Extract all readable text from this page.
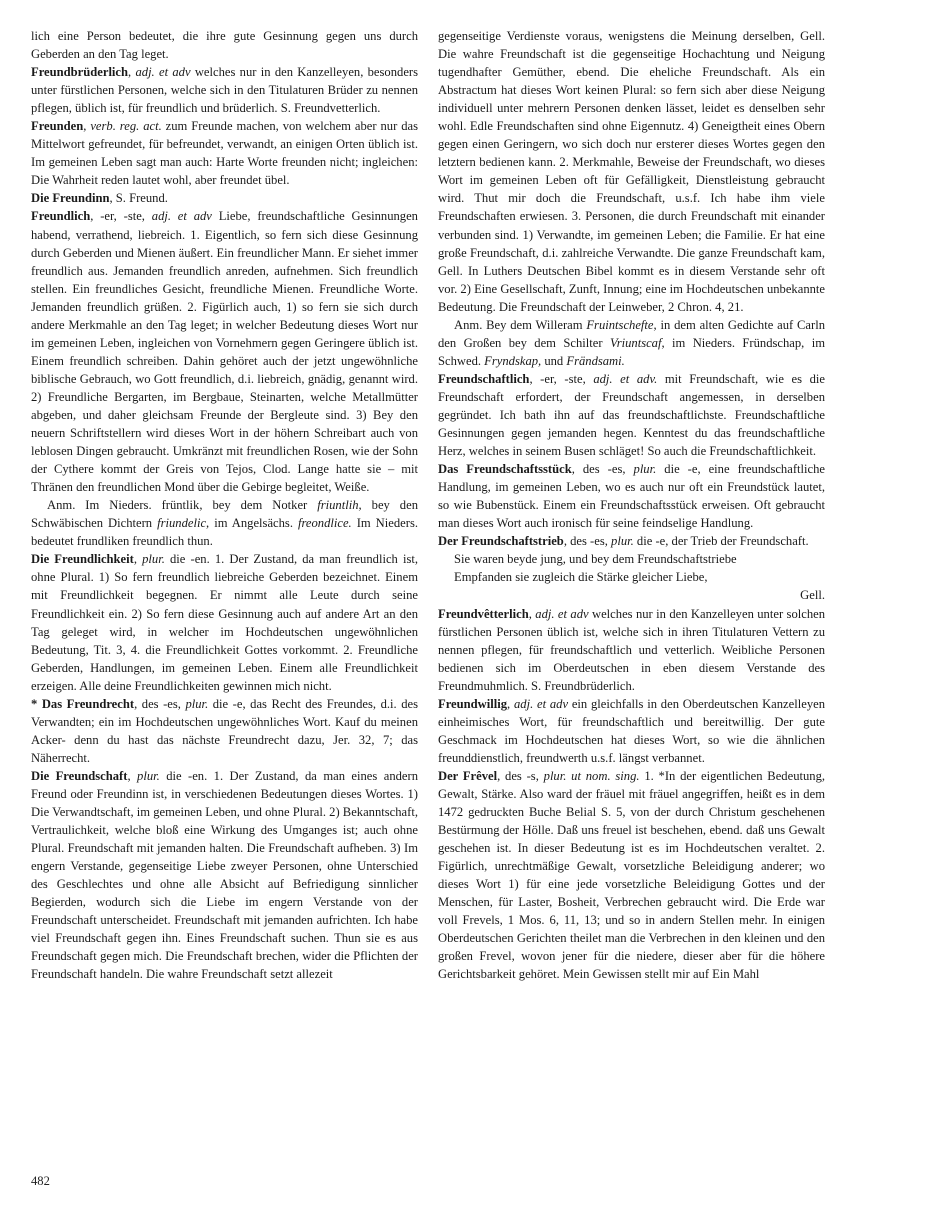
lich eine Person bedeutet, die ihre gute Gesinnung gegen uns durch Geberden an den Tag leget.

Freundbrüderlich, adj. et adv welches nur in den Kanzelleyen, besonders unter fürstlichen Personen, welche sich in den Titulaturen Brüder zu nennen pflegen, üblich ist, für freundlich und brüderlich. S. Freundvetterlich.

Freunden, verb. reg. act. zum Freunde machen, von welchem aber nur das Mittelwort gefreundet, für befreundet, verwandt, an einigen Orten üblich ist. Im gemeinen Leben sagt man auch: Harte Worte freunden nicht; ingleichen: Die Wahrheit reden lautet wohl, aber freundet übel.

Die Freundinn, S. Freund.

Freundlich, -er, -ste, adj. et adv Liebe, freundschaftliche Gesinnungen habend, verrathend, liebreich. 1. Eigentlich, so fern sich diese Gesinnung durch Geberden und Mienen äußert. Ein freundlicher Mann. Er siehet immer freundlich aus. Jemanden freundlich anreden, aufnehmen. Sich freundlich stellen. Ein freundliches Gesicht, freundliche Mienen. Freundliche Worte. Jemanden freundlich grüßen. 2. Figürlich auch, 1) so fern sie sich durch andere Merkmahle an den Tag leget; in welcher Bedeutung dieses Wort nur im gemeinen Leben, ingleichen von Vornehmern gegen Geringere üblich ist. Einem freundlich schreiben. Dahin gehöret auch der jetzt ungewöhnliche biblische Gebrauch, wo Gott freundlich, d.i. liebreich, gnädig, genannt wird. 2) Freundliche Bergarten, im Bergbaue, Steinarten, welche Metallmütter abgeben, und daher gleichsam Freunde der Bergleute sind. 3) Bey den neuern Schriftstellern wird dieses Wort in der höhern Schreibart auch von leblosen Dingen gebraucht. Umkränzt mit freundlichen Rosen, wie der Sohn der Cythere kommt der Greis von Tejos, Clod. Lange hatte sie – mit Thränen den freundlichen Mond über die Gebirge begleitet, Weiße.

Anm. Im Nieders. früntlik, bey dem Notker friuntlih, bey den Schwäbischen Dichtern friundelic, im Angelsächs. freondlice. Im Nieders. bedeutet frundliken freundlich thun.

Die Freundlichkeit, plur. die -en. 1. Der Zustand, da man freundlich ist, ohne Plural. 1) So fern freundlich liebreiche Geberden bezeichnet. Einem mit Freundlichkeit begegnen. Er nimmt alle Leute durch seine Freundlichkeit ein. 2) So fern diese Gesinnung auch auf andere Art an den Tag geleget wird, in welcher im Hochdeutschen ungewöhnlichen Bedeutung, Tit. 3, 4. die Freundlichkeit Gottes vorkommt. 2. Freundliche Geberden, Handlungen, im gemeinen Leben. Einem alle Freundlichkeit erzeigen. Alle deine Freundlichkeiten gewinnen mich nicht.

* Das Freundrecht, des -es, plur. die -e, das Recht des Freundes, d.i. des Verwandten; ein im Hochdeutschen ungewöhnliches Wort. Kauf du meinen Acker- denn du hast das nächste Freundrecht dazu, Jer. 32, 7; das Näherrecht.

Die Freundschaft, plur. die -en. 1. Der Zustand, da man eines andern Freund oder Freundinn ist, in verschiedenen Bedeutungen dieses Wortes. 1) Die Verwandtschaft, im gemeinen Leben, und ohne Plural. 2) Bekanntschaft, Vertraulichkeit, welche bloß eine Wirkung des Umganges ist; auch ohne Plural. Freundschaft mit jemanden halten. Die Freundschaft aufheben. 3) Im engern Verstande, gegenseitige Liebe zweyer Personen, ohne Unterschied des Geschlechtes und ohne alle Absicht auf Befriedigung sinnlicher Begierden, wodurch sich die Liebe im engern Verstande von der Freundschaft unterscheidet. Freundschaft mit jemanden aufrichten. Ich habe viel Freundschaft gegen ihn. Eines Freundschaft suchen. Thun sie es aus Freundschaft gegen mich. Die Freundschaft brechen, wider die Pflichten der Freundschaft handeln. Die wahre Freundschaft setzt allezeit

gegenseitige Verdienste voraus, wenigstens die Meinung derselben, Gell. Die wahre Freundschaft ist die gegenseitige Hochachtung und Neigung tugendhafter Gemüther, ebend. Die eheliche Freundschaft. Als ein Abstractum hat dieses Wort keinen Plural: so fern sich aber diese Neigung individuell unter mehrern Personen denken lässet, leidet es denselben sehr wohl. Edle Freundschaften sind ohne Eigennutz. 4) Geneigtheit eines Obern gegen einen Geringern, wo sich doch nur ersterer dieses Wortes gegen den letztern bedienen kann. 2. Merkmahle, Beweise der Freundschaft, wo dieses Wort im gemeinen Leben oft für Gefälligkeit, Dienstleistung gebraucht wird. Thut mir doch die Freundschaft, u.s.f. Ich habe ihm viele Freundschaften erwiesen. 3. Personen, die durch Freundschaft mit einander verbunden sind. 1) Verwandte, im gemeinen Leben; die Familie. Er hat eine große Freundschaft, d.i. zahlreiche Verwandte. Die ganze Freundschaft kam, Gell. In Luthers Deutschen Bibel kommt es in diesem Verstande sehr oft vor. 2) Eine Gesellschaft, Zunft, Innung; eine im Hochdeutschen unbekannte Bedeutung. Die Freundschaft der Leinweber, 2 Chron. 4, 21.

Anm. Bey dem Willeram Fruintschefte, in dem alten Gedichte auf Carln den Großen bey dem Schilter Vriuntscaf, im Nieders. Fründschap, im Schwed. Fryndskap, und Frändsami.

Freundschaftlich, -er, -ste, adj. et adv. mit Freundschaft, wie es die Freundschaft erfordert, der Freundschaft angemessen, in derselben gegründet. Ich bath ihn auf das freundschaftlichste. Freundschaftliche Gesinnungen gegen jemanden hegen. Kenntest du das freundschaftliche Herz, welches in seinem Busen schläget! So auch die Freundschaftlichkeit.

Das Freundschaftsstück, des -es, plur. die -e, eine freundschaftliche Handlung, im gemeinen Leben, wo es auch nur oft ein Freundstück lautet, so wie Bubenstück. Einem ein Freundschaftsstück erweisen. Oft gebraucht man dieses Wort auch ironisch für seine feindselige Handlung.

Der Freundschaftstrieb, des -es, plur. die -e, der Trieb der Freundschaft.

Sie waren beyde jung, und bey dem Freundschaftstriebe

Empfanden sie zugleich die Stärke gleicher Liebe,

Gell.

Freundvêtterlich, adj. et adv welches nur in den Kanzelleyen unter solchen fürstlichen Personen üblich ist, welche sich in ihren Titulaturen Vettern zu nennen pflegen, für freundschaftlich und vetterlich. Weibliche Personen bedienen sich im Oberdeutschen in eben diesem Verstande des Freundmuhmlich. S. Freundbrüderlich.

Freundwillig, adj. et adv ein gleichfalls in den Oberdeutschen Kanzelleyen einheimisches Wort, für freundschaftlich und bereitwillig. Der gute Geschmack im Hochdeutschen hat dieses Wort, so wie die ähnlichen freunddienstlich, freundwerth u.s.f. längst verbannet.

Der Frêvel, des -s, plur. ut nom. sing. 1. *In der eigentlichen Bedeutung, Gewalt, Stärke. Also ward der fräuel mit fräuel angegriffen, heißt es in dem 1472 gedruckten Buche Belial S. 5, von der durch Christum geschehenen Bestürmung der Hölle. Daß uns freuel ist beschehen, ebend. daß uns Gewalt geschehen ist. In dieser Bedeutung ist es im Hochdeutschen veraltet. 2. Figürlich, unrechtmäßige Gewalt, vorsetzliche Beleidigung anderer; wo dieses Wort 1) für eine jede vorsetzliche Beleidigung Gottes und der Menschen, für Laster, Bosheit, Verbrechen gebraucht wird. Die Erde war voll Frevels, 1 Mos. 6, 11, 13; und so in andern Stellen mehr. In einigen Oberdeutschen Gerichten theilet man die Verbrechen in den kleinen und den großen Frevel, wovon jener für die niedere, dieser aber für die höhere Gerichtsbarkeit gehöret. Mein Gewissen stellt mir auf Ein Mahl

482
